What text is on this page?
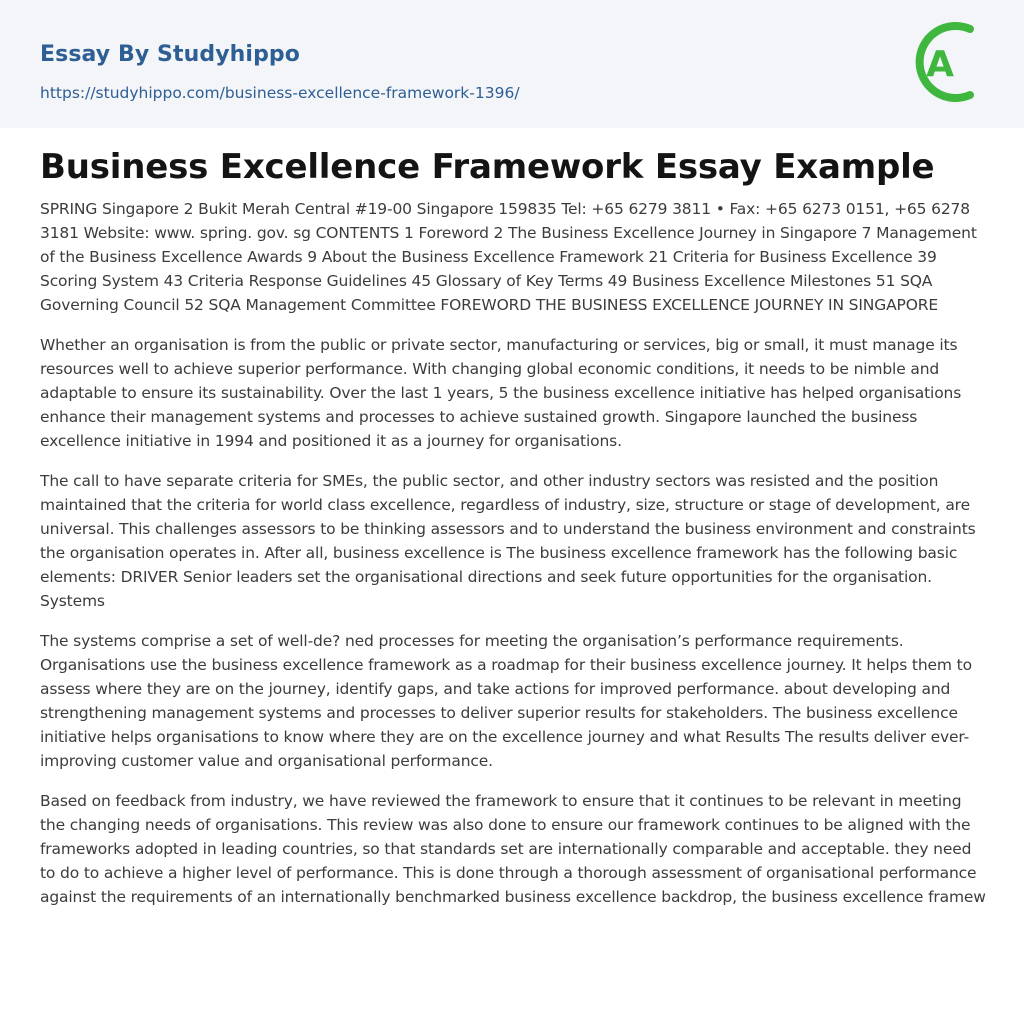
Essay By Studyhippo
https://studyhippo.com/business-excellence-framework-1396/
A
Business Excellence Framework Essay Example

SPRING Singapore 2 Bukit Merah Central #19-00 Singapore 159835 Tel: +65 6279 3811 • Fax: +65 6273 0151, +65 6278 3181 Website: www. spring. gov. sg CONTENTS 1 Foreword 2 The Business Excellence Journey in Singapore 7 Management of the Business Excellence Awards 9 About the Business Excellence Framework 21 Criteria for Business Excellence 39 Scoring System 43 Criteria Response Guidelines 45 Glossary of Key Terms 49 Business Excellence Milestones 51 SQA Governing Council 52 SQA Management Committee FOREWORD THE BUSINESS EXCELLENCE JOURNEY IN SINGAPORE

Whether an organisation is from the public or private sector, manufacturing or services, big or small, it must manage its resources well to achieve superior performance. With changing global economic conditions, it needs to be nimble and adaptable to ensure its sustainability. Over the last 1 years, 5 the business excellence initiative has helped organisations enhance their management systems and processes to achieve sustained growth. Singapore launched the business excellence initiative in 1994 and positioned it as a journey for organisations.

The call to have separate criteria for SMEs, the public sector, and other industry sectors was resisted and the position maintained that the criteria for world class excellence, regardless of industry, size, structure or stage of development, are universal. This challenges assessors to be thinking assessors and to understand the business environment and constraints the organisation operates in. After all, business excellence is The business excellence framework has the following basic elements: DRIVER Senior leaders set the organisational directions and seek future opportunities for the organisation. Systems

The systems comprise a set of well-de? ned processes for meeting the organisation’s performance requirements. Organisations use the business excellence framework as a roadmap for their business excellence journey. It helps them to assess where they are on the journey, identify gaps, and take actions for improved performance. about developing and strengthening management systems and processes to deliver superior results for stakeholders. The business excellence initiative helps organisations to know where they are on the excellence journey and what Results The results deliver ever-improving customer value and organisational performance.

Based on feedback from industry, we have reviewed the framework to ensure that it continues to be relevant in meeting the changing needs of organisations. This review was also done to ensure our framework continues to be aligned with the frameworks adopted in leading countries, so that standards set are internationally comparable and acceptable. they need to do to achieve a higher level of performance. This is done through a thorough assessment of organisational performance against the requirements of an internationally benchmarked business excellence backdrop, the business excellence framew
